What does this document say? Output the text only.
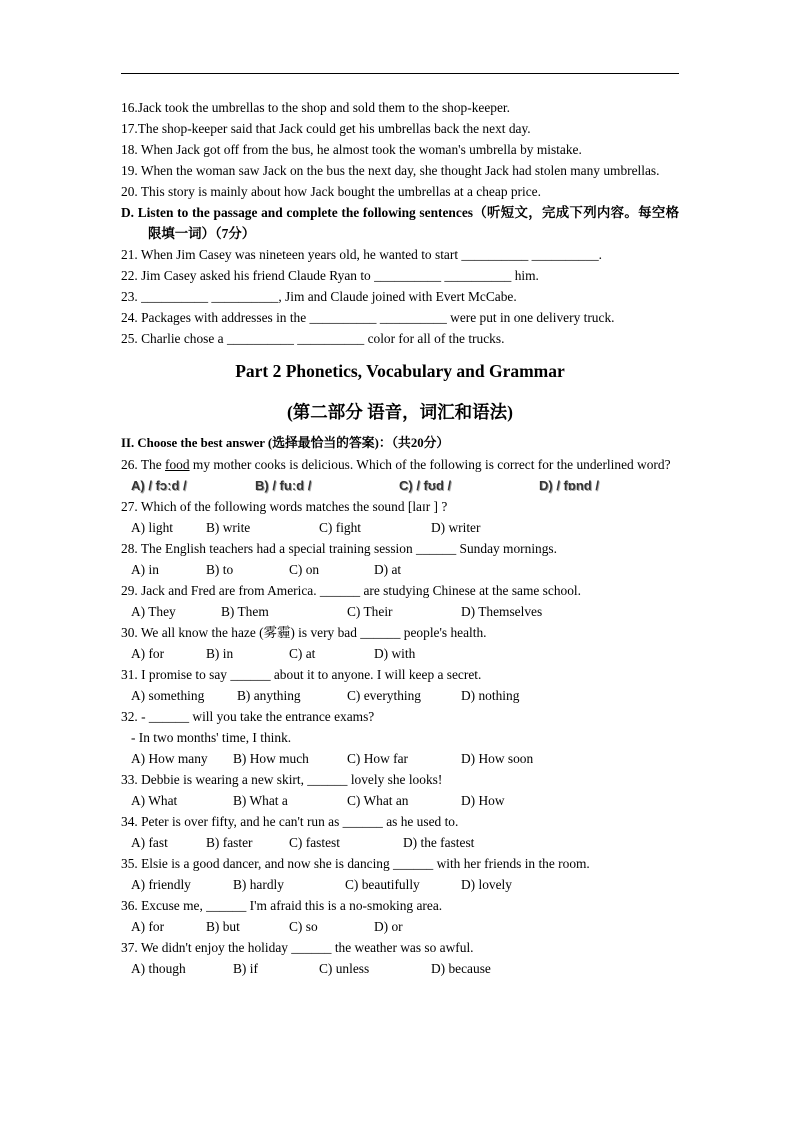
16.Jack took the umbrellas to the shop and sold them to the shop-keeper.
17.The shop-keeper said that Jack could get his umbrellas back the next day.
18. When Jack got off from the bus, he almost took the woman's umbrella by mistake.
19. When the woman saw Jack on the bus the next day, she thought Jack had stolen many umbrellas.
20. This story is mainly about how Jack bought the umbrellas at a cheap price.
D. Listen to the passage and complete the following sentences（听短文，完成下列内容。每空格限填一词）（7分）
21. When Jim Casey was nineteen years old, he wanted to start __________ __________.
22. Jim Casey asked his friend Claude Ryan to __________ __________ him.
23. __________ __________, Jim and Claude joined with Evert McCabe.
24. Packages with addresses in the __________ __________ were put in one delivery truck.
25. Charlie chose a __________ __________ color for all of the trucks.
Part 2 Phonetics, Vocabulary and Grammar
(第二部分 语音，词汇和语法)
II. Choose the best answer (选择最恰当的答案)：（共20分）
26. The food my mother cooks is delicious. Which of the following is correct for the underlined word?
A) / fɔːd /	B) / fuːd /	C) / fʊd /	D) / fɒnd /
27. Which of the following words matches the sound [laɪr ] ?
A) light B) write	C) fight	D) writer
28. The English teachers had a special training session ______ Sunday mornings.
A) in	B) to	C) on	D) at
29. Jack and Fred are from America. ______ are studying Chinese at the same school.
A) They	B) Them	C) Their	D) Themselves
30. We all know the haze (雾霾) is very bad ______ people's health.
A) for	B) in	C) at	D) with
31. I promise to say ______ about it to anyone. I will keep a secret.
A) something B) anything	C) everything	D) nothing
32. - ______ will you take the entrance exams?
- In two months' time, I think.
A) How many B) How much	C) How far	D) How soon
33. Debbie is wearing a new skirt, ______ lovely she looks!
A) What	B) What a	C) What an	D) How
34. Peter is over fifty, and he can't run as ______ as he used to.
A) fast	B) faster	C) fastest	D) the fastest
35. Elsie is a good dancer, and now she is dancing ______ with her friends in the room.
A) friendly	B) hardly	C) beautifully	D) lovely
36. Excuse me, ______ I'm afraid this is a no-smoking area.
A) for	B) but	C) so	D) or
37. We didn't enjoy the holiday ______ the weather was so awful.
A) though	B) if	C) unless	D) because
